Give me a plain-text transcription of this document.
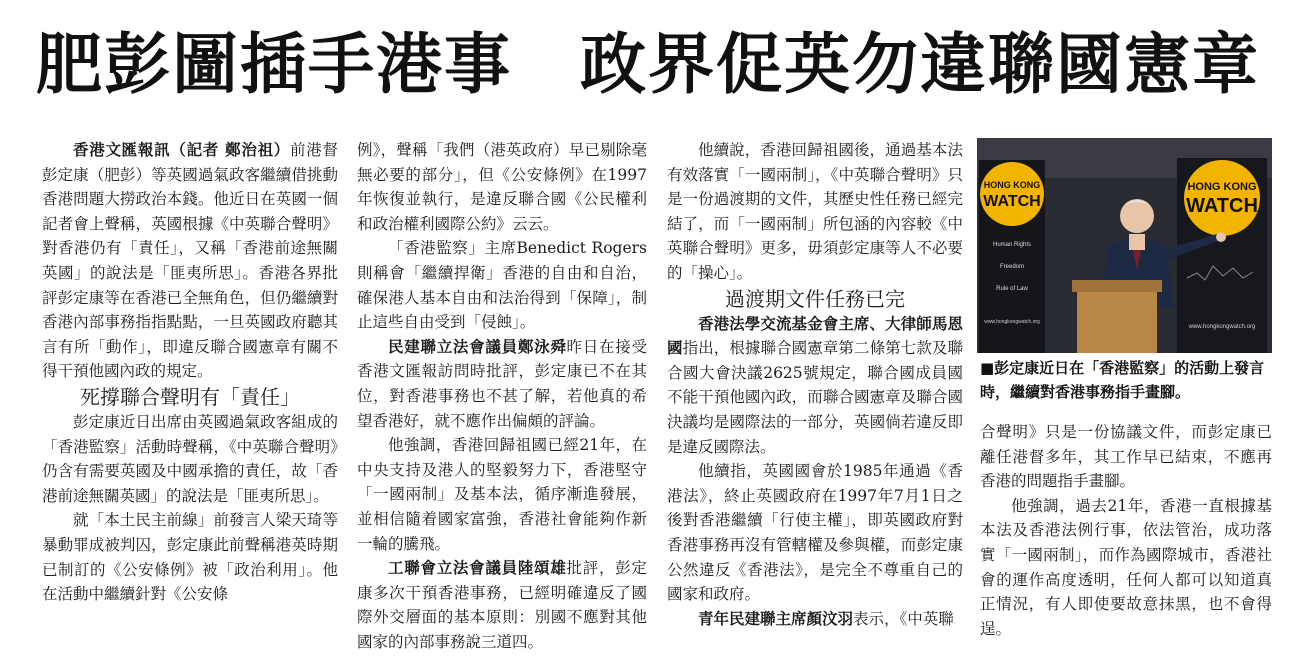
肥彭圖插手港事　政界促英勿違聯國憲章

香港文匯報訊（記者 鄭治祖）前港督彭定康（肥彭）等英國過氣政客繼續借挑動香港問題大撈政治本錢。他近日在英國一個記者會上聲稱，英國根據《中英聯合聲明》對香港仍有「責任」，又稱「香港前途無關英國」的說法是「匪夷所思」。香港各界批評彭定康等在香港已全無角色，但仍繼續對香港內部事務指指點點，一旦英國政府聽其言有所「動作」，即違反聯合國憲章有關不得干預他國內政的規定。

死撐聯合聲明有「責任」

彭定康近日出席由英國過氣政客組成的「香港監察」活動時聲稱，《中英聯合聲明》仍含有需要英國及中國承擔的責任，故「香港前途無關英國」的說法是「匪夷所思」。

就「本土民主前線」前發言人梁天琦等暴動罪成被判囚，彭定康此前聲稱港英時期已制訂的《公安條例》被「政治利用」。他在活動中繼續針對《公安條

例》，聲稱「我們（港英政府）早已剔除毫無必要的部分」，但《公安條例》在1997年恢復並執行，是違反聯合國《公民權利和政治權利國際公約》云云。

「香港監察」主席Benedict Rogers則稱會「繼續捍衛」香港的自由和自治，確保港人基本自由和法治得到「保障」，制止這些自由受到「侵蝕」。

民建聯立法會議員鄭泳舜昨日在接受香港文匯報訪問時批評，彭定康已不在其位，對香港事務也不甚了解，若他真的希望香港好，就不應作出偏頗的評論。

他強調，香港回歸祖國已經21年，在中央支持及港人的堅毅努力下，香港堅守「一國兩制」及基本法，循序漸進發展，並相信隨着國家富強，香港社會能夠作新一輪的騰飛。

工聯會立法會議員陸頌雄批評，彭定康多次干預香港事務，已經明確違反了國際外交層面的基本原則：別國不應對其他國家的內部事務說三道四。

他續說，香港回歸祖國後，通過基本法有效落實「一國兩制」，《中英聯合聲明》只是一份過渡期的文件，其歷史性任務已經完結了，而「一國兩制」所包涵的內容較《中英聯合聲明》更多，毋須彭定康等人不必要的「操心」。

過渡期文件任務已完

香港法學交流基金會主席、大律師馬恩國指出，根據聯合國憲章第二條第七款及聯合國大會決議2625號規定，聯合國成員國不能干預他國內政，而聯合國憲章及聯合國決議均是國際法的一部分，英國倘若違反即是違反國際法。

他續指，英國國會於1985年通過《香港法》，終止英國政府在1997年7月1日之後對香港繼續「行使主權」，即英國政府對香港事務再沒有管轄權及參與權，而彭定康公然違反《香港法》，是完全不尊重自己的國家和政府。

青年民建聯主席顏汶羽表示，《中英聯

HONG KONG
WATCH
Human Rights
Freedom
Rule of Law
www.hongkongwatch.org
HONG KONG
WATCH
www.hongkongwatch.org
■彭定康近日在「香港監察」的活動上發言時，繼續對香港事務指手畫腳。

合聲明》只是一份協議文件，而彭定康已離任港督多年，其工作早已結束，不應再香港的問題指手畫腳。

他強調，過去21年，香港一直根據基本法及香港法例行事，依法管治，成功落實「一國兩制」，而作為國際城市，香港社會的運作高度透明，任何人都可以知道真正情況，有人即使要故意抹黑，也不會得逞。
